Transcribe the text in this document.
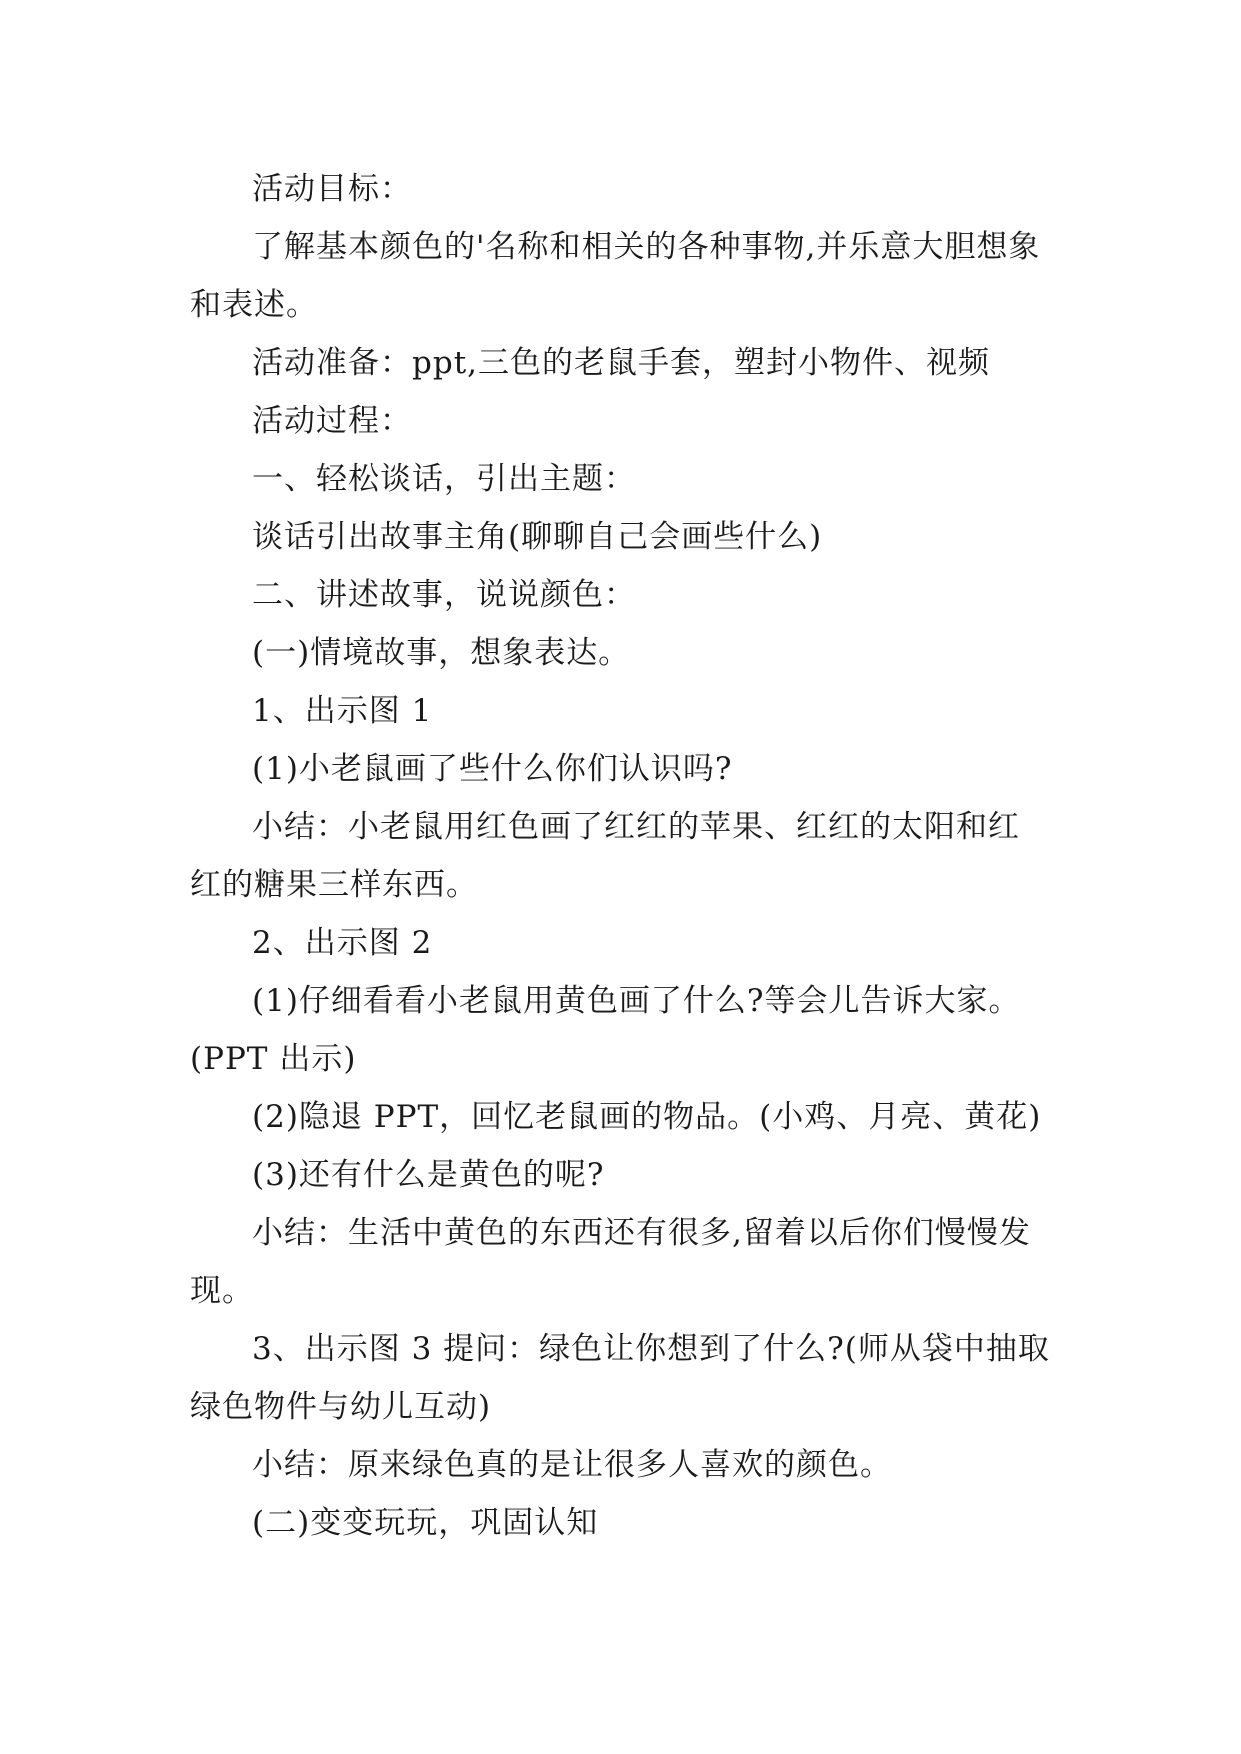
活动目标：

了解基本颜色的'名称和相关的各种事物,并乐意大胆想象和表述。

活动准备：ppt,三色的老鼠手套，塑封小物件、视频

活动过程：

一、轻松谈话，引出主题：

谈话引出故事主角(聊聊自己会画些什么)

二、讲述故事，说说颜色：

(一)情境故事，想象表达。

1、出示图 1

(1)小老鼠画了些什么你们认识吗?

小结：小老鼠用红色画了红红的苹果、红红的太阳和红红的糖果三样东西。

2、出示图 2

(1)仔细看看小老鼠用黄色画了什么?等会儿告诉大家。(PPT 出示)

(2)隐退 PPT，回忆老鼠画的物品。(小鸡、月亮、黄花)

(3)还有什么是黄色的呢?

小结：生活中黄色的东西还有很多,留着以后你们慢慢发现。

3、出示图 3 提问：绿色让你想到了什么?(师从袋中抽取绿色物件与幼儿互动)

小结：原来绿色真的是让很多人喜欢的颜色。

(二)变变玩玩，巩固认知
